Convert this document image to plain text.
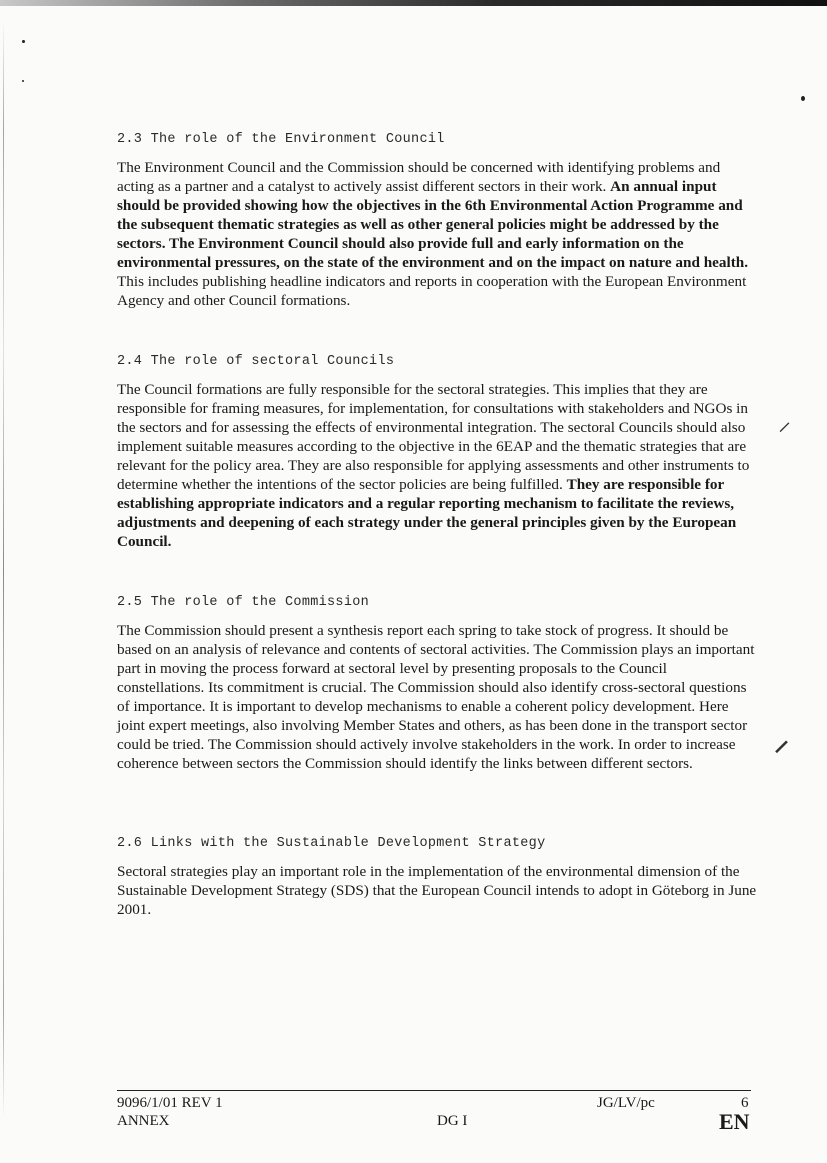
⸝
⸝
2.3 The role of the Environment Council

The Environment Council and the Commission should be concerned with identifying problems and acting as a partner and a catalyst to actively assist different sectors in their work. An annual input should be provided showing how the objectives in the 6th Environmental Action Programme and the subsequent thematic strategies as well as other general policies might be addressed by the sectors. The Environment Council should also provide full and early information on the environmental pressures, on the state of the environment and on the impact on nature and health. This includes publishing headline indicators and reports in cooperation with the European Environment Agency and other Council formations.

2.4 The role of sectoral Councils

The Council formations are fully responsible for the sectoral strategies. This implies that they are responsible for framing measures, for implementation, for consultations with stakeholders and NGOs in the sectors and for assessing the effects of environmental integration. The sectoral Councils should also implement suitable measures according to the objective in the 6EAP and the thematic strategies that are relevant for the policy area. They are also responsible for applying assessments and other instruments to determine whether the intentions of the sector policies are being fulfilled. They are responsible for establishing appropriate indicators and a regular reporting mechanism to facilitate the reviews, adjustments and deepening of each strategy under the general principles given by the European Council.

2.5 The role of the Commission

The Commission should present a synthesis report each spring to take stock of progress. It should be based on an analysis of relevance and contents of sectoral activities. The Commission plays an important part in moving the process forward at sectoral level by presenting proposals to the Council constellations. Its commitment is crucial. The Commission should also identify cross-sectoral questions of importance. It is important to develop mechanisms to enable a coherent policy development. Here joint expert meetings, also involving Member States and others, as has been done in the transport sector could be tried. The Commission should actively involve stakeholders in the work. In order to increase coherence between sectors the Commission should identify the links between different sectors.

2.6 Links with the Sustainable Development Strategy

Sectoral strategies play an important role in the implementation of the environmental dimension of the Sustainable Development Strategy (SDS) that the European Council intends to adopt in Göteborg in June 2001.

9096/1/01 REV 1
ANNEX	DG I
JG/LV/pc	6
EN
